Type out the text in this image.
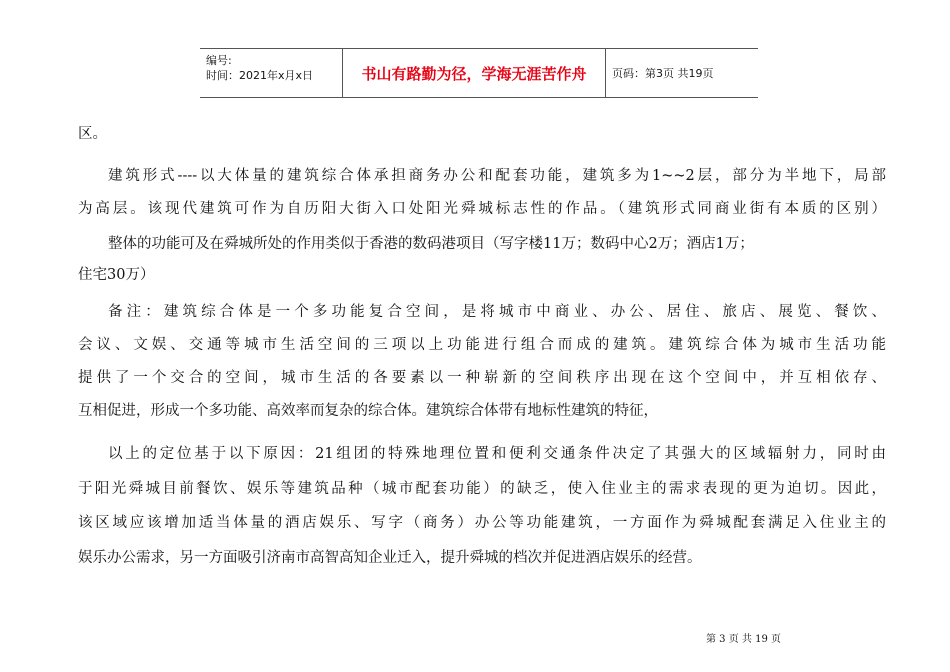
编号:
时间：2021年x月x日	书山有路勤为径，学海无涯苦作舟	页码：第3页 共19页
区。
建筑形式----以大体量的建筑综合体承担商务办公和配套功能，建筑多为1~~2层，部分为半地下，局部
为高层。该现代建筑可作为自历阳大街入口处阳光舜城标志性的作品。（建筑形式同商业街有本质的区别）
整体的功能可及在舜城所处的作用类似于香港的数码港项目（写字楼11万；数码中心2万；酒店1万；
住宅30万）
备注：建筑综合体是一个多功能复合空间，是将城市中商业、办公、居住、旅店、展览、餐饮、
会议、文娱、交通等城市生活空间的三项以上功能进行组合而成的建筑。建筑综合体为城市生活功能
提供了一个交合的空间，城市生活的各要素以一种崭新的空间秩序出现在这个空间中，并互相依存、
互相促进，形成一个多功能、高效率而复杂的综合体。建筑综合体带有地标性建筑的特征，
以上的定位基于以下原因：21组团的特殊地理位置和便利交通条件决定了其强大的区域辐射力，同时由
于阳光舜城目前餐饮、娱乐等建筑品种（城市配套功能）的缺乏，使入住业主的需求表现的更为迫切。因此，
该区域应该增加适当体量的酒店娱乐、写字（商务）办公等功能建筑，一方面作为舜城配套满足入住业主的
娱乐办公需求，另一方面吸引济南市高智高知企业迁入，提升舜城的档次并促进酒店娱乐的经营。
第 3 页 共 19 页
